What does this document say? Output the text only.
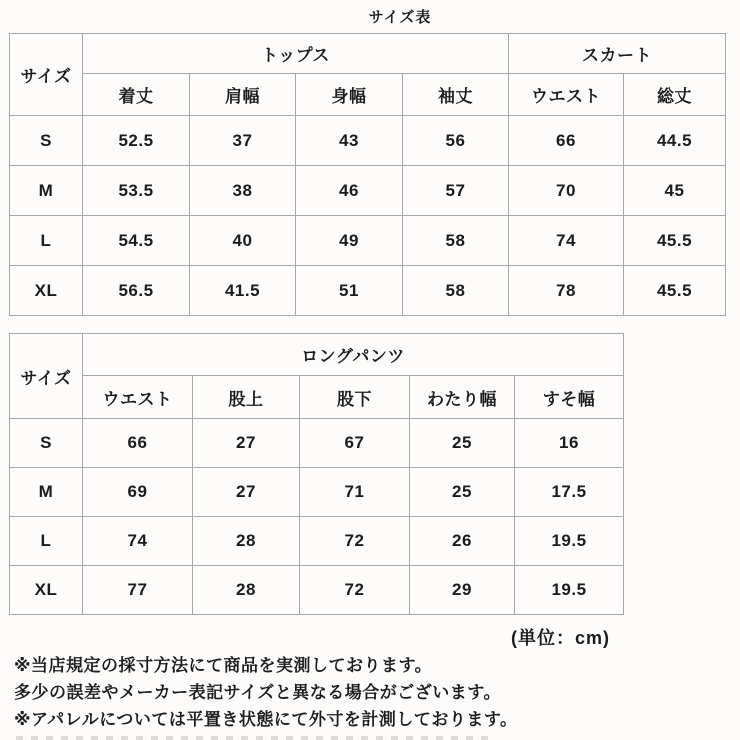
サイズ表
サイズ	トップス				スカート	
	着丈	肩幅	身幅	袖丈	ウエスト	総丈
S	52.5	37	43	56	66	44.5
M	53.5	38	46	57	70	45
L	54.5	40	49	58	74	45.5
XL	56.5	41.5	51	58	78	45.5
サイズ	ロングパンツ				
	ウエスト	股上	股下	わたり幅	すそ幅
S	66	27	67	25	16
M	69	27	71	25	17.5
L	74	28	72	26	19.5
XL	77	28	72	29	19.5
(単位：cm)
※当店規定の採寸方法にて商品を実測しております。
多少の誤差やメーカー表記サイズと異なる場合がございます。
※アパレルについては平置き状態にて外寸を計測しております。
